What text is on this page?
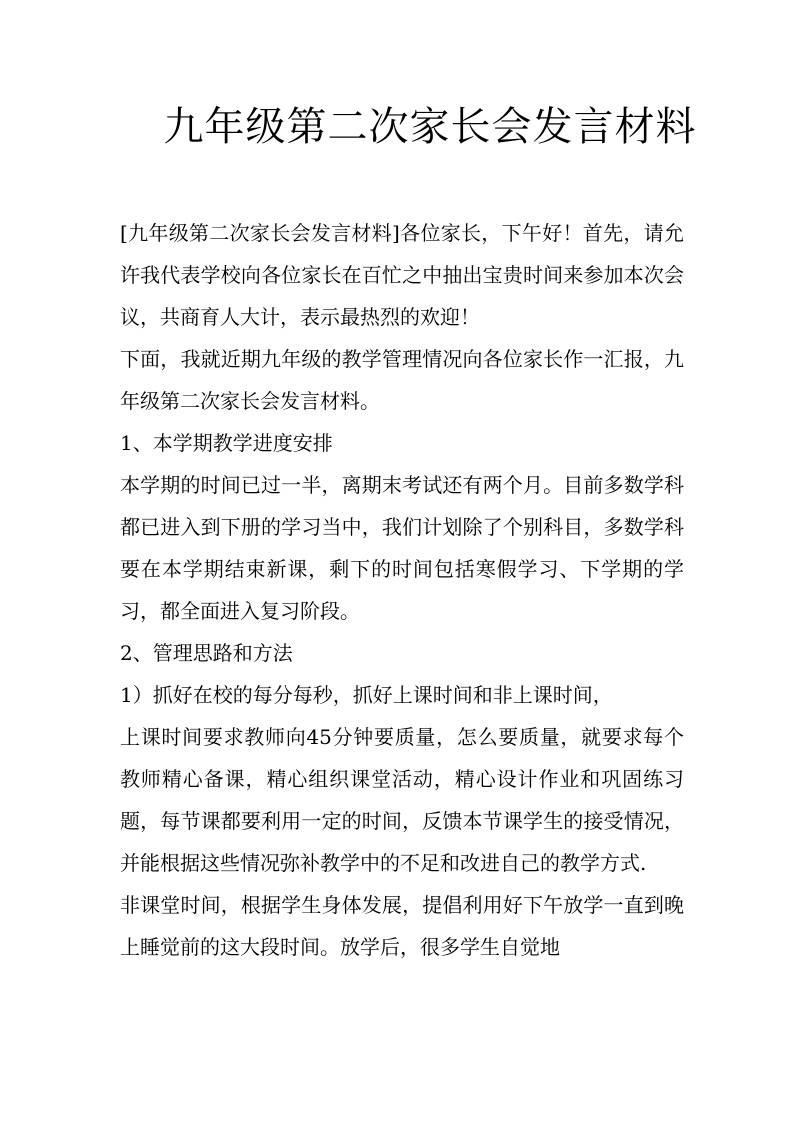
九年级第二次家长会发言材料

[九年级第二次家长会发言材料]各位家长，下午好！首先，请允许我代表学校向各位家长在百忙之中抽出宝贵时间来参加本次会议，共商育人大计，表示最热烈的欢迎！

下面，我就近期九年级的教学管理情况向各位家长作一汇报，九年级第二次家长会发言材料。

1、本学期教学进度安排

本学期的时间已过一半，离期末考试还有两个月。目前多数学科都已进入到下册的学习当中，我们计划除了个别科目，多数学科要在本学期结束新课，剩下的时间包括寒假学习、下学期的学习，都全面进入复习阶段。

2、管理思路和方法

1）抓好在校的每分每秒，抓好上课时间和非上课时间，

上课时间要求教师向45分钟要质量，怎么要质量，就要求每个教师精心备课，精心组织课堂活动，精心设计作业和巩固练习题，每节课都要利用一定的时间，反馈本节课学生的接受情况，并能根据这些情况弥补教学中的不足和改进自己的教学方式.

非课堂时间，根据学生身体发展，提倡利用好下午放学一直到晚上睡觉前的这大段时间。放学后，很多学生自觉地
